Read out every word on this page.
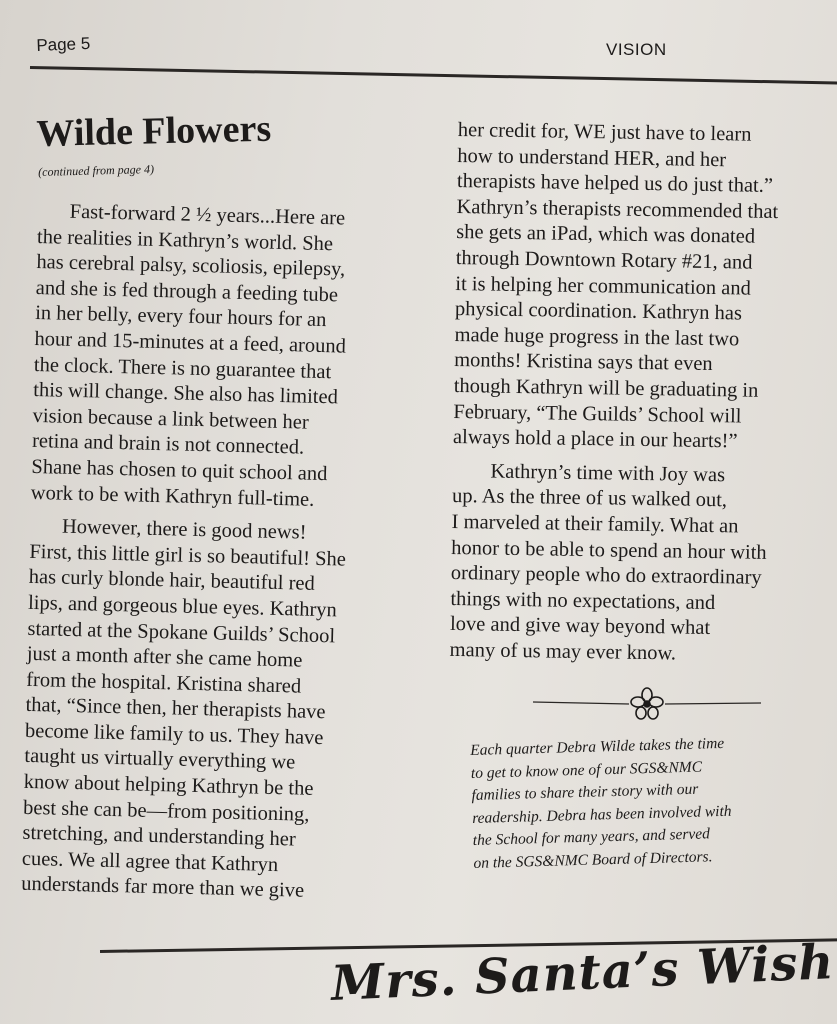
Page 5	VISION
Wilde Flowers
(continued from page 4)
Fast-forward 2 ½ years...Here are
the realities in Kathryn’s world. She
has cerebral palsy, scoliosis, epilepsy,
and she is fed through a feeding tube
in her belly, every four hours for an
hour and 15-minutes at a feed, around
the clock. There is no guarantee that
this will change. She also has limited
vision because a link between her
retina and brain is not connected.
Shane has chosen to quit school and
work to be with Kathryn full-time.
However, there is good news!
First, this little girl is so beautiful! She
has curly blonde hair, beautiful red
lips, and gorgeous blue eyes. Kathryn
started at the Spokane Guilds’ School
just a month after she came home
from the hospital. Kristina shared
that, “Since then, her therapists have
become like family to us. They have
taught us virtually everything we
know about helping Kathryn be the
best she can be—from positioning,
stretching, and understanding her
cues. We all agree that Kathryn
understands far more than we give
her credit for, WE just have to learn
how to understand HER, and her
therapists have helped us do just that.”
Kathryn’s therapists recommended that
she gets an iPad, which was donated
through Downtown Rotary #21, and
it is helping her communication and
physical coordination. Kathryn has
made huge progress in the last two
months! Kristina says that even
though Kathryn will be graduating in
February, “The Guilds’ School will
always hold a place in our hearts!”
Kathryn’s time with Joy was
up. As the three of us walked out,
I marveled at their family. What an
honor to be able to spend an hour with
ordinary people who do extraordinary
things with no expectations, and
love and give way beyond what
many of us may ever know.
Each quarter Debra Wilde takes the time
to get to know one of our SGS&NMC
families to share their story with our
readership. Debra has been involved with
the School for many years, and served
on the SGS&NMC Board of Directors.
Mrs. Santa’s Wish
